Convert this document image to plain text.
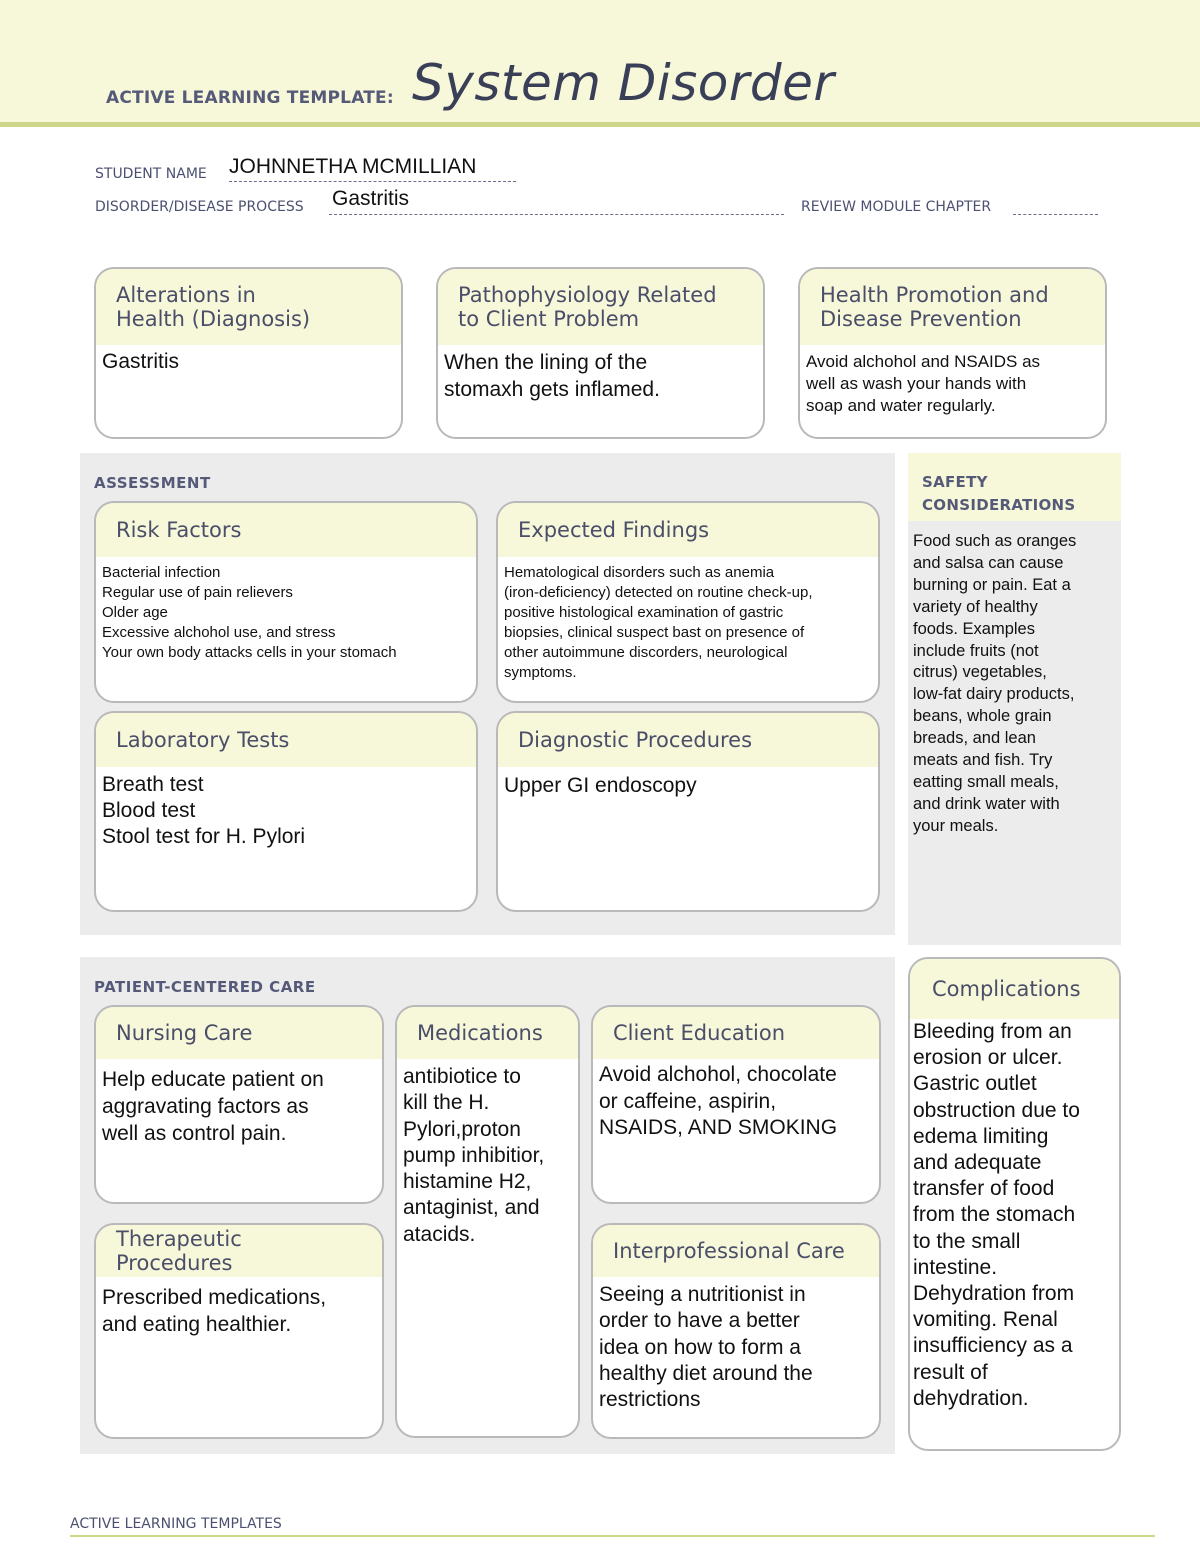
ACTIVE LEARNING TEMPLATE: System Disorder
STUDENT NAME JOHNNETHA MCMILLIAN
DISORDER/DISEASE PROCESS Gastritis	REVIEW MODULE CHAPTER
Alterations in
Health (Diagnosis)
Gastritis
Pathophysiology Related
to Client Problem
When the lining of the
stomaxh gets inflamed.
Health Promotion and
Disease Prevention
Avoid alchohol and NSAIDS as
well as wash your hands with
soap and water regularly.
ASSESSMENT
Risk Factors
Bacterial infection
Regular use of pain relievers
Older age
Excessive alchohol use, and stress
Your own body attacks cells in your stomach
Expected Findings
Hematological disorders such as anemia
(iron-deficiency) detected on routine check-up,
positive histological examination of gastric
biopsies, clinical suspect bast on presence of
other autoimmune discorders, neurological
symptoms.
Laboratory Tests
Breath test
Blood test
Stool test for H. Pylori
Diagnostic Procedures
Upper GI endoscopy
SAFETY
CONSIDERATIONS
Food such as oranges
and salsa can cause
burning or pain. Eat a
variety of healthy
foods. Examples
include fruits (not
citrus) vegetables,
low-fat dairy products,
beans, whole grain
breads, and lean
meats and fish. Try
eatting small meals,
and drink water with
your meals.
PATIENT-CENTERED CARE
Nursing Care
Help educate patient on
aggravating factors as
well as control pain.
Medications
antibiotice to
kill the H.
Pylori,proton
pump inhibitior,
histamine H2,
antaginist, and
atacids.
Client Education
Avoid alchohol, chocolate
or caffeine, aspirin,
NSAIDS, AND SMOKING
Therapeutic Procedures
Prescribed medications,
and eating healthier.
Interprofessional Care
Seeing a nutritionist in
order to have a better
idea on how to form a
healthy diet around the
restrictions
Complications
Bleeding from an
erosion or ulcer.
Gastric outlet
obstruction due to
edema limiting
and adequate
transfer of food
from the stomach
to the small
intestine.
Dehydration from
vomiting. Renal
insufficiency as a
result of
dehydration.
ACTIVE LEARNING TEMPLATES
